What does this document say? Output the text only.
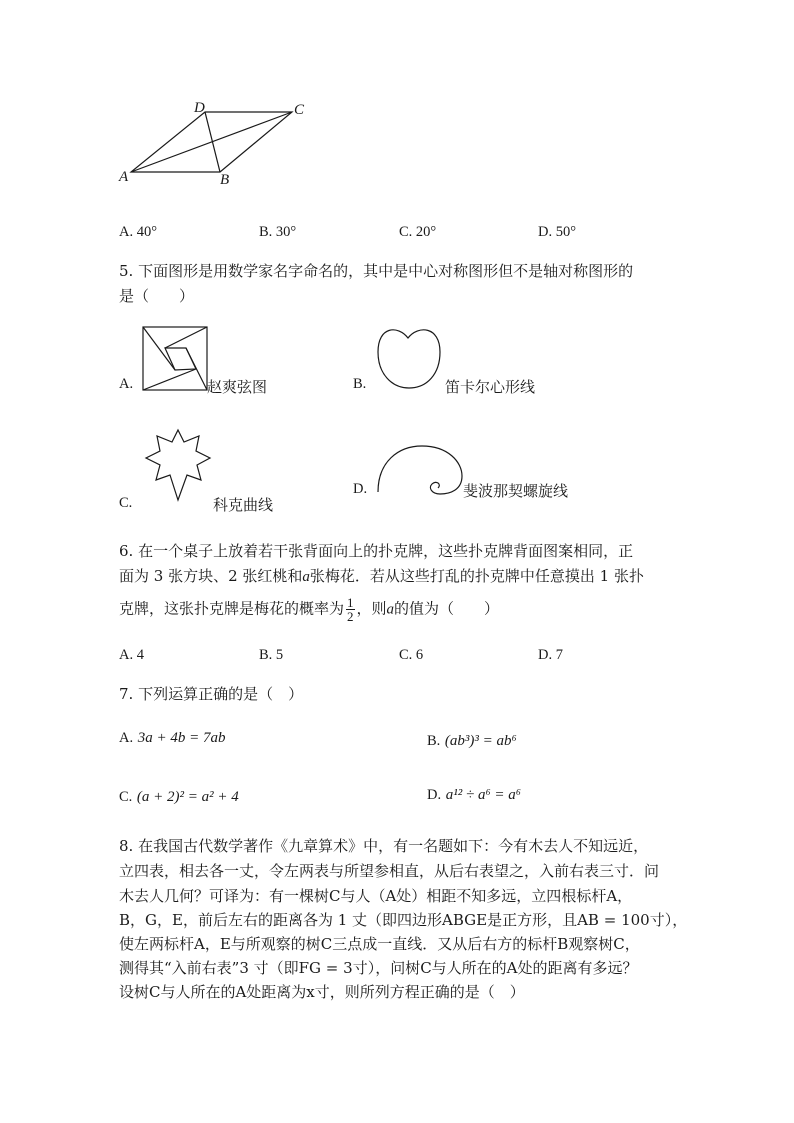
A	B
C
D
A. 40°	B. 30°	C. 20°	D. 50°
5. 下面图形是用数学家名字命名的，其中是中心对称图形但不是轴对称图形的
是（　　）
A.	赵爽弦图	B.	笛卡尔心形线
C.	科克曲线
D.	斐波那契螺旋线
6. 在一个桌子上放着若干张背面向上的扑克牌，这些扑克牌背面图案相同，正
面为 3 张方块、2 张红桃和a张梅花．若从这些打乱的扑克牌中任意摸出 1 张扑
克牌，这张扑克牌是梅花的概率为 $\frac{1}{2}$ ，则a的值为（　　）
A. 4	B. 5	C. 6	D. 7
7. 下列运算正确的是（　）
A. 3a + 4b = 7ab	B. (ab³)³ = ab⁶
C. (a + 2)² = a² + 4	D. a¹² ÷ a⁶ = a⁶
8. 在我国古代数学著作《九章算术》中，有一名题如下：今有木去人不知远近，
立四表，相去各一丈，令左两表与所望参相直，从后右表望之，入前右表三寸．问
木去人几何？可译为：有一棵树C与人（A处）相距不知多远，立四根标杆A，
B，G，E，前后左右的距离各为 1 丈（即四边形ABGE是正方形，且AB = 100寸），
使左两标杆A，E与所观察的树C三点成一直线．又从后右方的标杆B观察树C，
测得其“入前右表”3 寸（即FG = 3寸），问树C与人所在的A处的距离有多远？
设树C与人所在的A处距离为x寸，则所列方程正确的是（　）
